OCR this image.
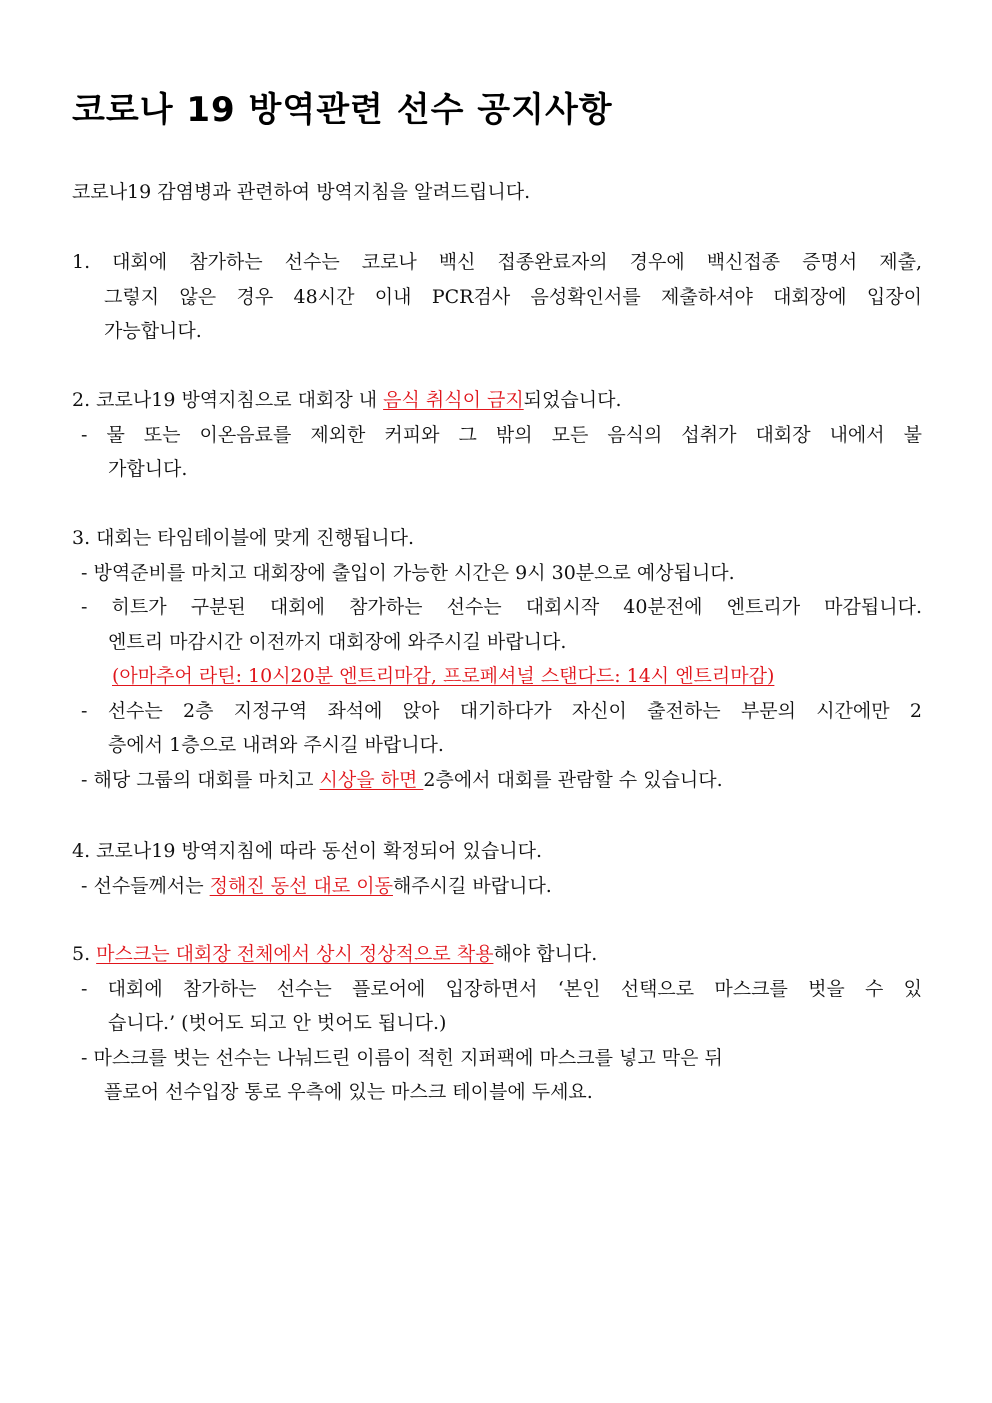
코로나 19 방역관련 선수 공지사항
코로나19 감염병과 관련하여 방역지침을 알려드립니다.
1. 대회에 참가하는 선수는 코로나 백신 접종완료자의 경우에 백신접종 증명서 제출,
그렇지 않은 경우 48시간 이내 PCR검사 음성확인서를 제출하셔야 대회장에 입장이
가능합니다.
2. 코로나19 방역지침으로 대회장 내 음식 취식이 금지되었습니다.
- 물 또는 이온음료를 제외한 커피와 그 밖의 모든 음식의 섭취가 대회장 내에서 불
가합니다.
3. 대회는 타임테이블에 맞게 진행됩니다.
- 방역준비를 마치고 대회장에 출입이 가능한 시간은 9시 30분으로 예상됩니다.
- 히트가 구분된 대회에 참가하는 선수는 대회시작 40분전에 엔트리가 마감됩니다.
엔트리 마감시간 이전까지 대회장에 와주시길 바랍니다.
(아마추어 라틴: 10시20분 엔트리마감, 프로페셔널 스탠다드: 14시 엔트리마감)
- 선수는 2층 지정구역 좌석에 앉아 대기하다가 자신이 출전하는 부문의 시간에만 2
층에서 1층으로 내려와 주시길 바랍니다.
- 해당 그룹의 대회를 마치고 시상을 하면 2층에서 대회를 관람할 수 있습니다.
4. 코로나19 방역지침에 따라 동선이 확정되어 있습니다.
- 선수들께서는 정해진 동선 대로 이동해주시길 바랍니다.
5. 마스크는 대회장 전체에서 상시 정상적으로 착용해야 합니다.
- 대회에 참가하는 선수는 플로어에 입장하면서 ‘본인 선택으로 마스크를 벗을 수 있
습니다.’ (벗어도 되고 안 벗어도 됩니다.)
- 마스크를 벗는 선수는 나눠드린 이름이 적힌 지퍼팩에 마스크를 넣고 막은 뒤
플로어 선수입장 통로 우측에 있는 마스크 테이블에 두세요.
